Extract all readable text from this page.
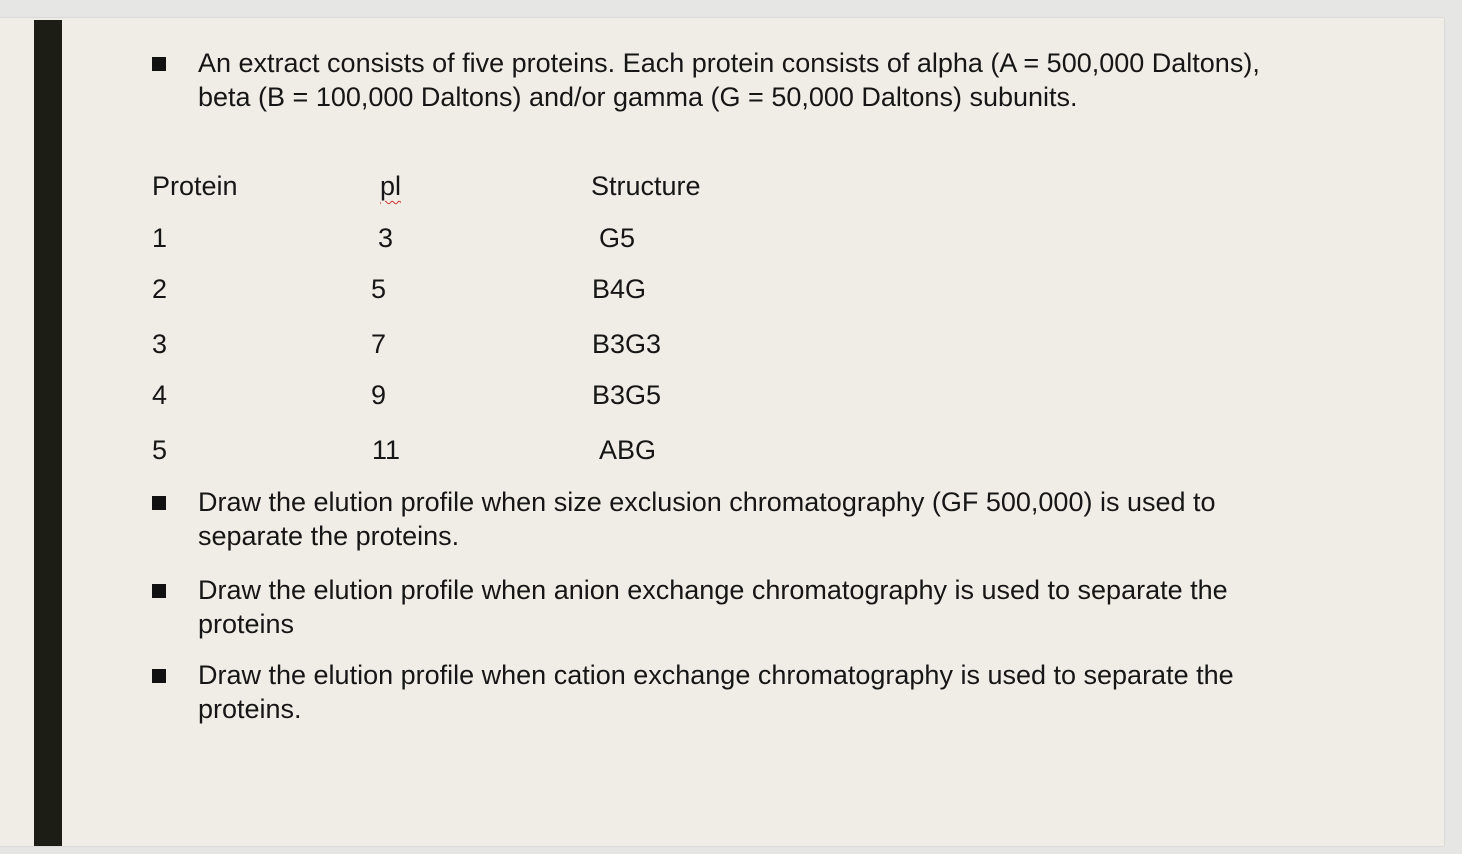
An extract consists of five proteins. Each protein consists of alpha (A = 500,000 Daltons), beta (B = 100,000 Daltons) and/or gamma (G = 50,000 Daltons) subunits.
Protein	pl	Structure
1	3	G5
2	5	B4G
3	7	B3G3
4	9	B3G5
5	11	ABG
Draw the elution profile when size exclusion chromatography (GF 500,000) is used to separate the proteins.
Draw the elution profile when anion exchange chromatography is used to separate the proteins
Draw the elution profile when cation exchange chromatography is used to separate the proteins.
